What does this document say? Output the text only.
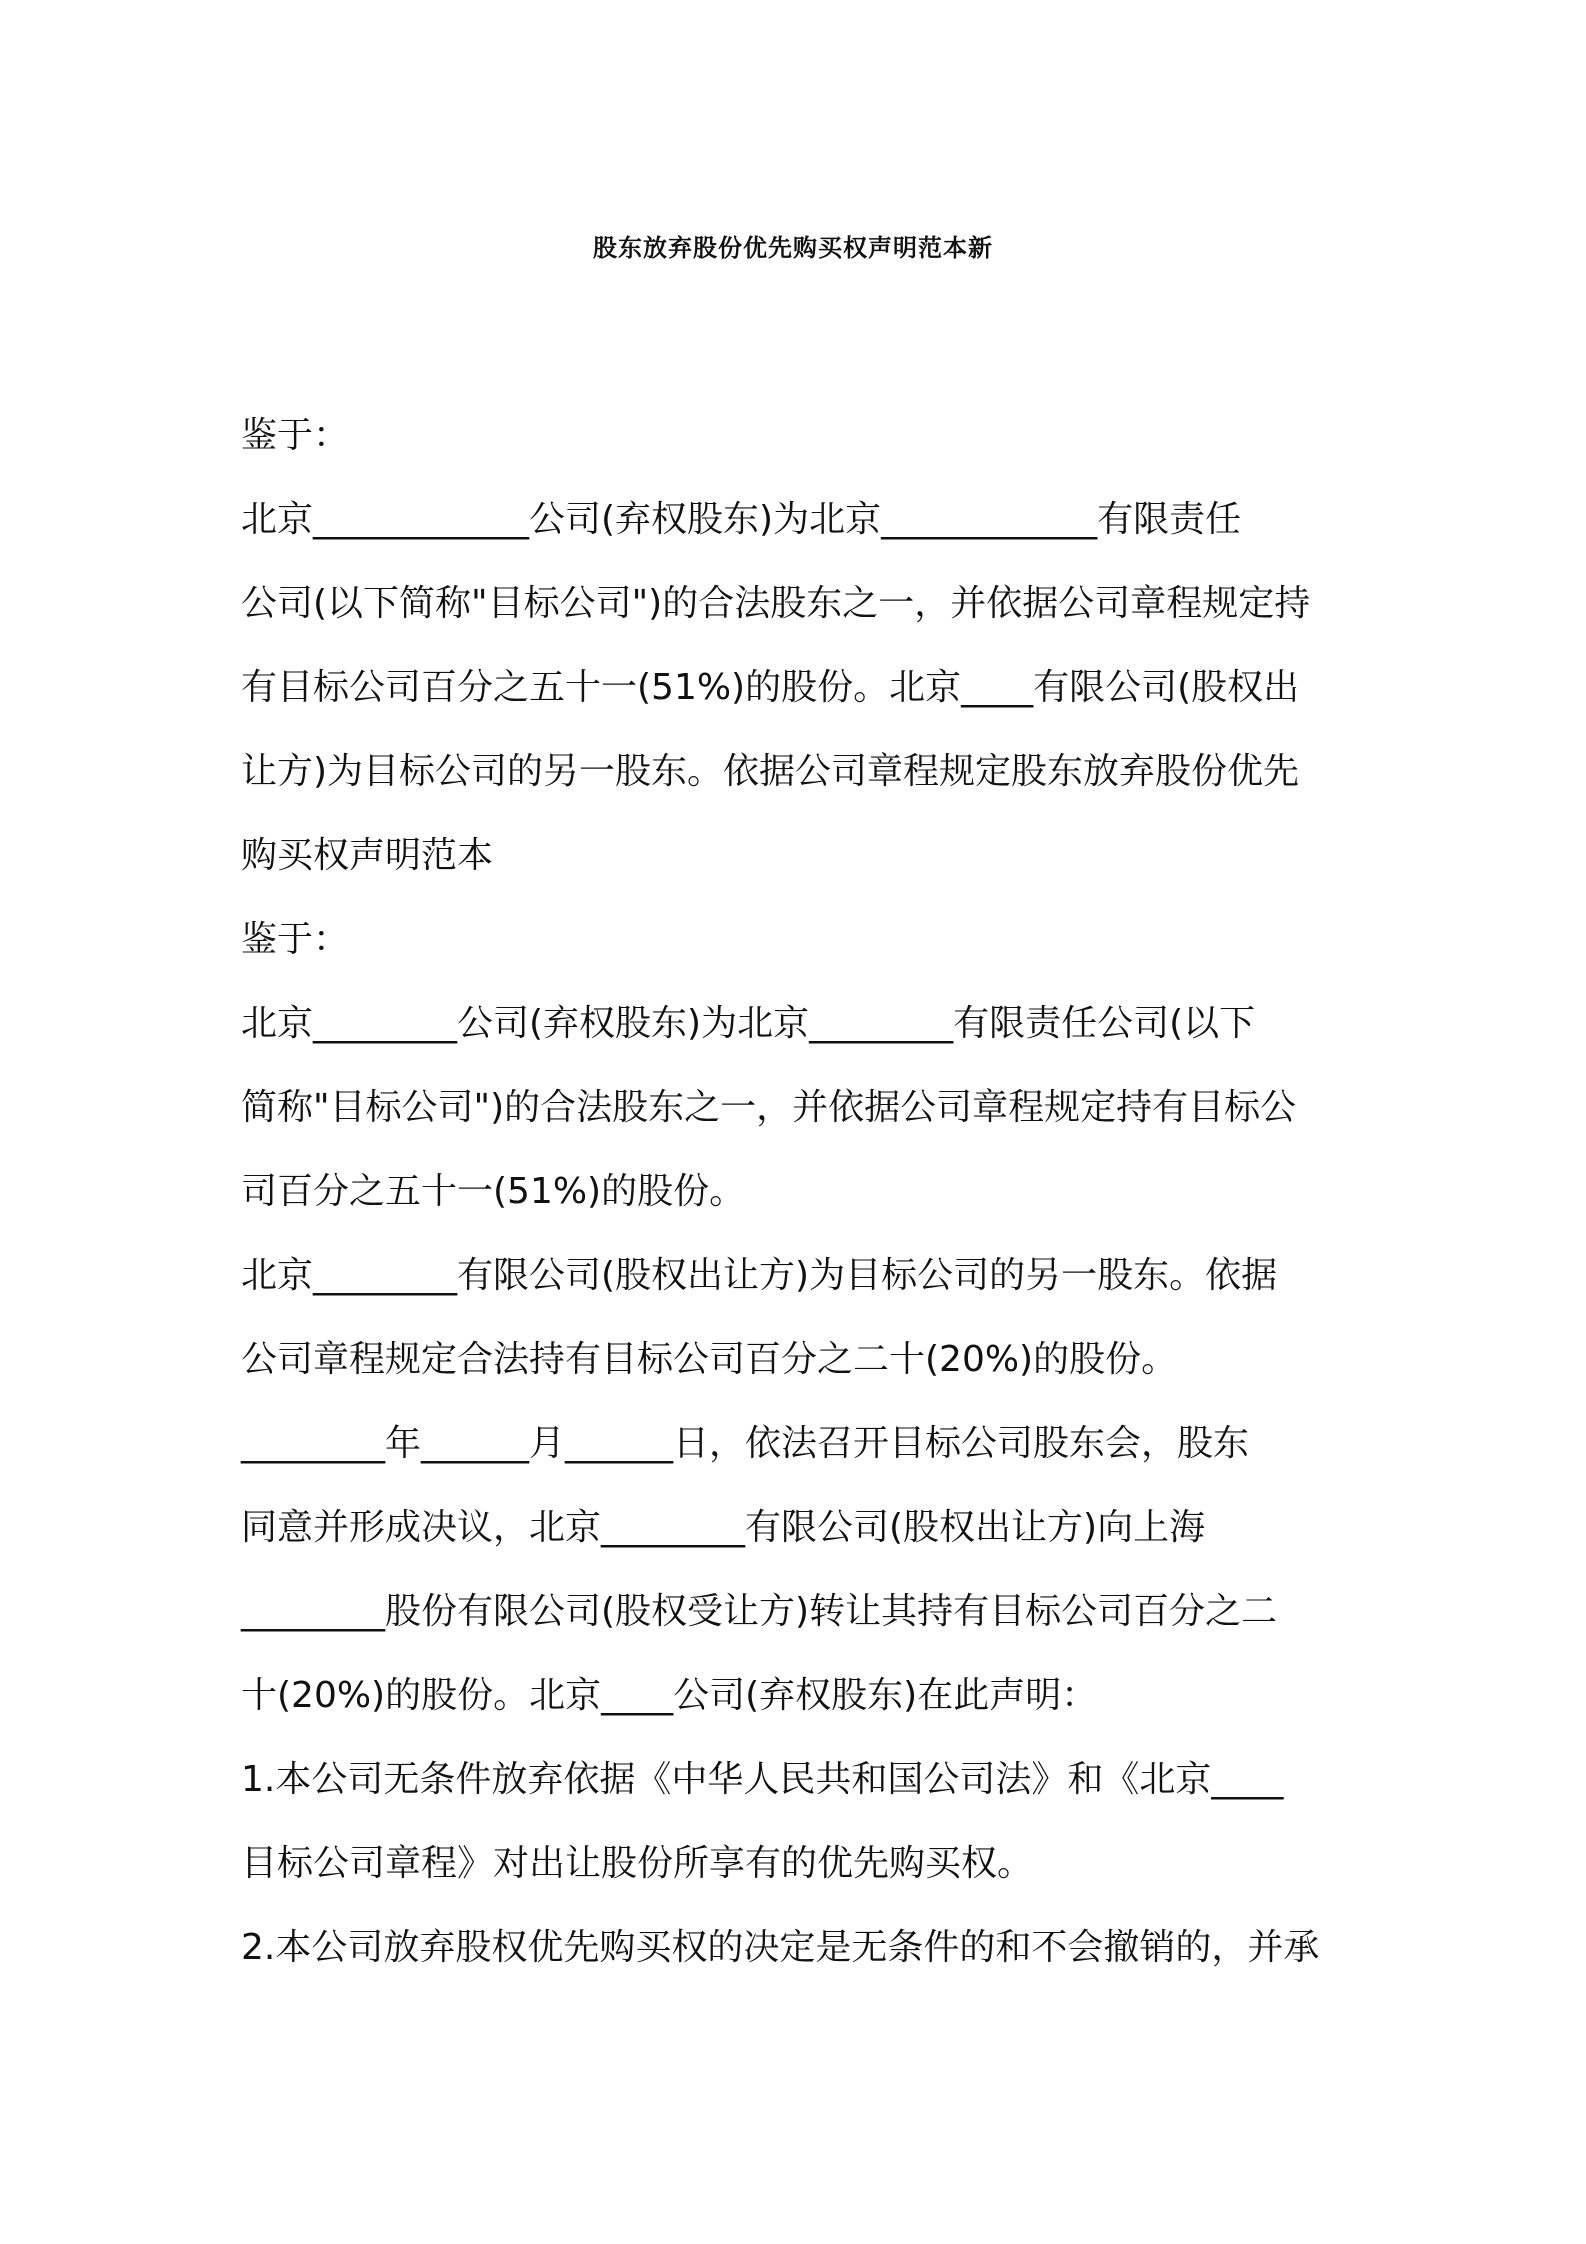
股东放弃股份优先购买权声明范本新
鉴于：
北京____________公司(弃权股东)为北京____________有限责任
公司(以下简称"目标公司")的合法股东之一，并依据公司章程规定持
有目标公司百分之五十一(51%)的股份。北京____有限公司(股权出
让方)为目标公司的另一股东。依据公司章程规定股东放弃股份优先
购买权声明范本
鉴于：
北京________公司(弃权股东)为北京________有限责任公司(以下
简称"目标公司")的合法股东之一，并依据公司章程规定持有目标公
司百分之五十一(51%)的股份。
北京________有限公司(股权出让方)为目标公司的另一股东。依据
公司章程规定合法持有目标公司百分之二十(20%)的股份。
________年______月______日，依法召开目标公司股东会，股东
同意并形成决议，北京________有限公司(股权出让方)向上海
________股份有限公司(股权受让方)转让其持有目标公司百分之二
十(20%)的股份。北京____公司(弃权股东)在此声明：
1.本公司无条件放弃依据《中华人民共和国公司法》和《北京____
目标公司章程》对出让股份所享有的优先购买权。
2.本公司放弃股权优先购买权的决定是无条件的和不会撤销的，并承
